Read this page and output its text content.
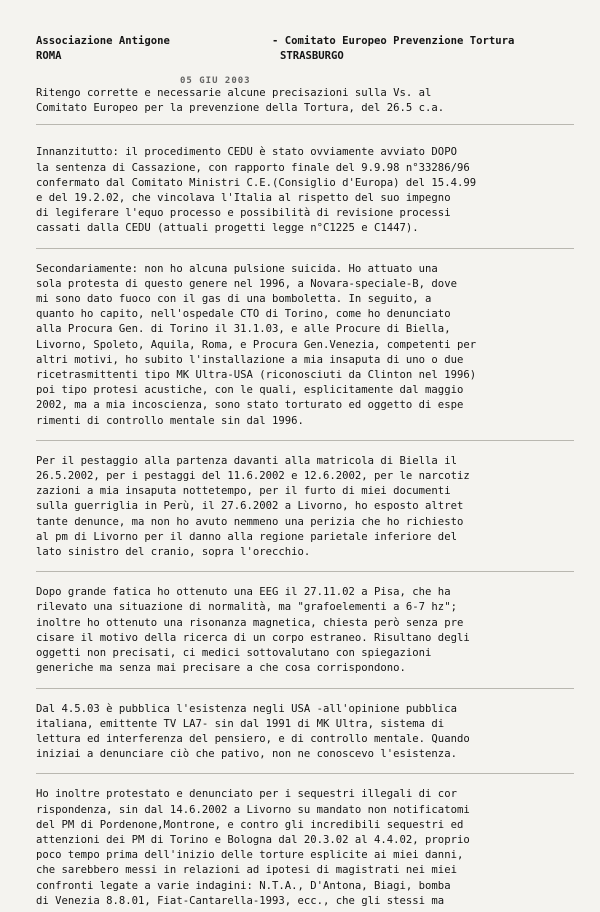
Associazione Antigone
ROMA
- Comitato Europeo Prevenzione Tortura
STRASBURGO
05 GIU 2003
Ritengo corrette e necessarie alcune precisazioni sulla Vs. al
Comitato Europeo per la prevenzione della Tortura, del 26.5 c.a.
Innanzitutto: il procedimento CEDU è stato ovviamente avviato DOPO
la sentenza di Cassazione, con rapporto finale del 9.9.98 n°33286/96
confermato dal Comitato Ministri C.E.(Consiglio d'Europa) del 15.4.99
e del 19.2.02, che vincolava l'Italia al rispetto del suo impegno
di legiferare l'equo processo e possibilità di revisione processi
cassati dalla CEDU (attuali progetti legge n°C1225 e C1447).
Secondariamente: non ho alcuna pulsione suicida. Ho attuato una
sola protesta di questo genere nel 1996, a Novara-speciale-B, dove
mi sono dato fuoco con il gas di una bomboletta. In seguito, a
quanto ho capito, nell'ospedale CTO di Torino, come ho denunciato
alla Procura Gen. di Torino il 31.1.03, e alle Procure di Biella,
Livorno, Spoleto, Aquila, Roma, e Procura Gen.Venezia, competenti per
altri motivi, ho subito l'installazione a mia insaputa di uno o due
ricetrasmittenti tipo MK Ultra-USA (riconosciuti da Clinton nel 1996)
poi tipo protesi acustiche, con le quali, esplicitamente dal maggio
2002, ma a mia incoscienza, sono stato torturato ed oggetto di espe
rimenti di controllo mentale sin dal 1996.
Per il pestaggio alla partenza davanti alla matricola di Biella il
26.5.2002, per i pestaggi del 11.6.2002 e 12.6.2002, per le narcotiz
zazioni a mia insaputa nottetempo, per il furto di miei documenti
sulla guerriglia in Perù, il 27.6.2002 a Livorno, ho esposto altret
tante denunce, ma non ho avuto nemmeno una perizia che ho richiesto
al pm di Livorno per il danno alla regione parietale inferiore del
lato sinistro del cranio, sopra l'orecchio.
Dopo grande fatica ho ottenuto una EEG il 27.11.02 a Pisa, che ha
rilevato una situazione di normalità, ma "grafoelementi a 6-7 hz";
inoltre ho ottenuto una risonanza magnetica, chiesta però senza pre
cisare il motivo della ricerca di un corpo estraneo. Risultano degli
oggetti non precisati, ci medici sottovalutano con spiegazioni
generiche ma senza mai precisare a che cosa corrispondono.
Dal 4.5.03 è pubblica l'esistenza negli USA -all'opinione pubblica
italiana, emittente TV LA7- sin dal 1991 di MK Ultra, sistema di
lettura ed interferenza del pensiero, e di controllo mentale. Quando
iniziai a denunciare ciò che pativo, non ne conoscevo l'esistenza.
Ho inoltre protestato e denunciato per i sequestri illegali di cor
rispondenza, sin dal 14.6.2002 a Livorno su mandato non notificatomi
del PM di Pordenone,Montrone, e contro gli incredibili sequestri ed
attenzioni dei PM di Torino e Bologna dal 20.3.02 al 4.4.02, proprio
poco tempo prima dell'inizio delle torture esplicite ai miei danni,
che sarebbero messi in relazioni ad ipotesi di magistrati nei miei
confronti legate a varie indagini: N.T.A., D'Antona, Biagi, bomba
di Venezia 8.8.01, Fiat-Cantarella-1993, ecc., che gli stessi ma
